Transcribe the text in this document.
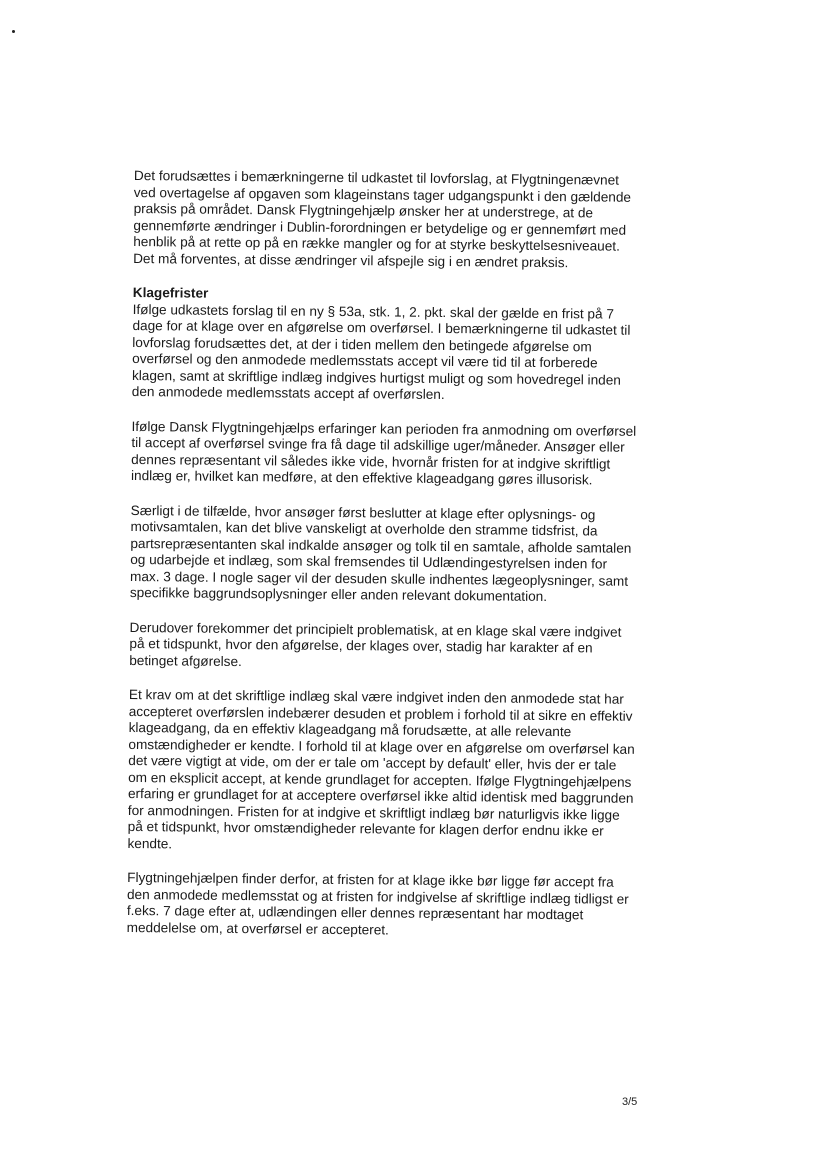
Det forudsættes i bemærkningerne til udkastet til lovforslag, at Flygtningenævnet ved overtagelse af opgaven som klageinstans tager udgangspunkt i den gældende praksis på området. Dansk Flygtningehjælp ønsker her at understrege, at de gennemførte ændringer i Dublin-forordningen er betydelige og er gennemført med henblik på at rette op på en række mangler og for at styrke beskyttelsesniveauet. Det må forventes, at disse ændringer vil afspejle sig i en ændret praksis.

Klagefrister

Ifølge udkastets forslag til en ny § 53a, stk. 1, 2. pkt. skal der gælde en frist på 7 dage for at klage over en afgørelse om overførsel. I bemærkningerne til udkastet til lovforslag forudsættes det, at der i tiden mellem den betingede afgørelse om overførsel og den anmodede medlemsstats accept vil være tid til at forberede klagen, samt at skriftlige indlæg indgives hurtigst muligt og som hovedregel inden den anmodede medlemsstats accept af overførslen.

Ifølge Dansk Flygtningehjælps erfaringer kan perioden fra anmodning om overførsel til accept af overførsel svinge fra få dage til adskillige uger/måneder. Ansøger eller dennes repræsentant vil således ikke vide, hvornår fristen for at indgive skriftligt indlæg er, hvilket kan medføre, at den effektive klageadgang gøres illusorisk.

Særligt i de tilfælde, hvor ansøger først beslutter at klage efter oplysnings- og motivsamtalen, kan det blive vanskeligt at overholde den stramme tidsfrist, da partsrepræsentanten skal indkalde ansøger og tolk til en samtale, afholde samtalen og udarbejde et indlæg, som skal fremsendes til Udlændingestyrelsen inden for max. 3 dage. I nogle sager vil der desuden skulle indhentes lægeoplysninger, samt specifikke baggrundsoplysninger eller anden relevant dokumentation.

Derudover forekommer det principielt problematisk, at en klage skal være indgivet på et tidspunkt, hvor den afgørelse, der klages over, stadig har karakter af en betinget afgørelse.

Et krav om at det skriftlige indlæg skal være indgivet inden den anmodede stat har accepteret overførslen indebærer desuden et problem i forhold til at sikre en effektiv klageadgang, da en effektiv klageadgang må forudsætte, at alle relevante omstændigheder er kendte. I forhold til at klage over en afgørelse om overførsel kan det være vigtigt at vide, om der er tale om 'accept by default' eller, hvis der er tale om en eksplicit accept, at kende grundlaget for accepten. Ifølge Flygtningehjælpens erfaring er grundlaget for at acceptere overførsel ikke altid identisk med baggrunden for anmodningen. Fristen for at indgive et skriftligt indlæg bør naturligvis ikke ligge på et tidspunkt, hvor omstændigheder relevante for klagen derfor endnu ikke er kendte.

Flygtningehjælpen finder derfor, at fristen for at klage ikke bør ligge før accept fra den anmodede medlemsstat og at fristen for indgivelse af skriftlige indlæg tidligst er f.eks. 7 dage efter at, udlændingen eller dennes repræsentant har modtaget meddelelse om, at overførsel er accepteret.

3/5
